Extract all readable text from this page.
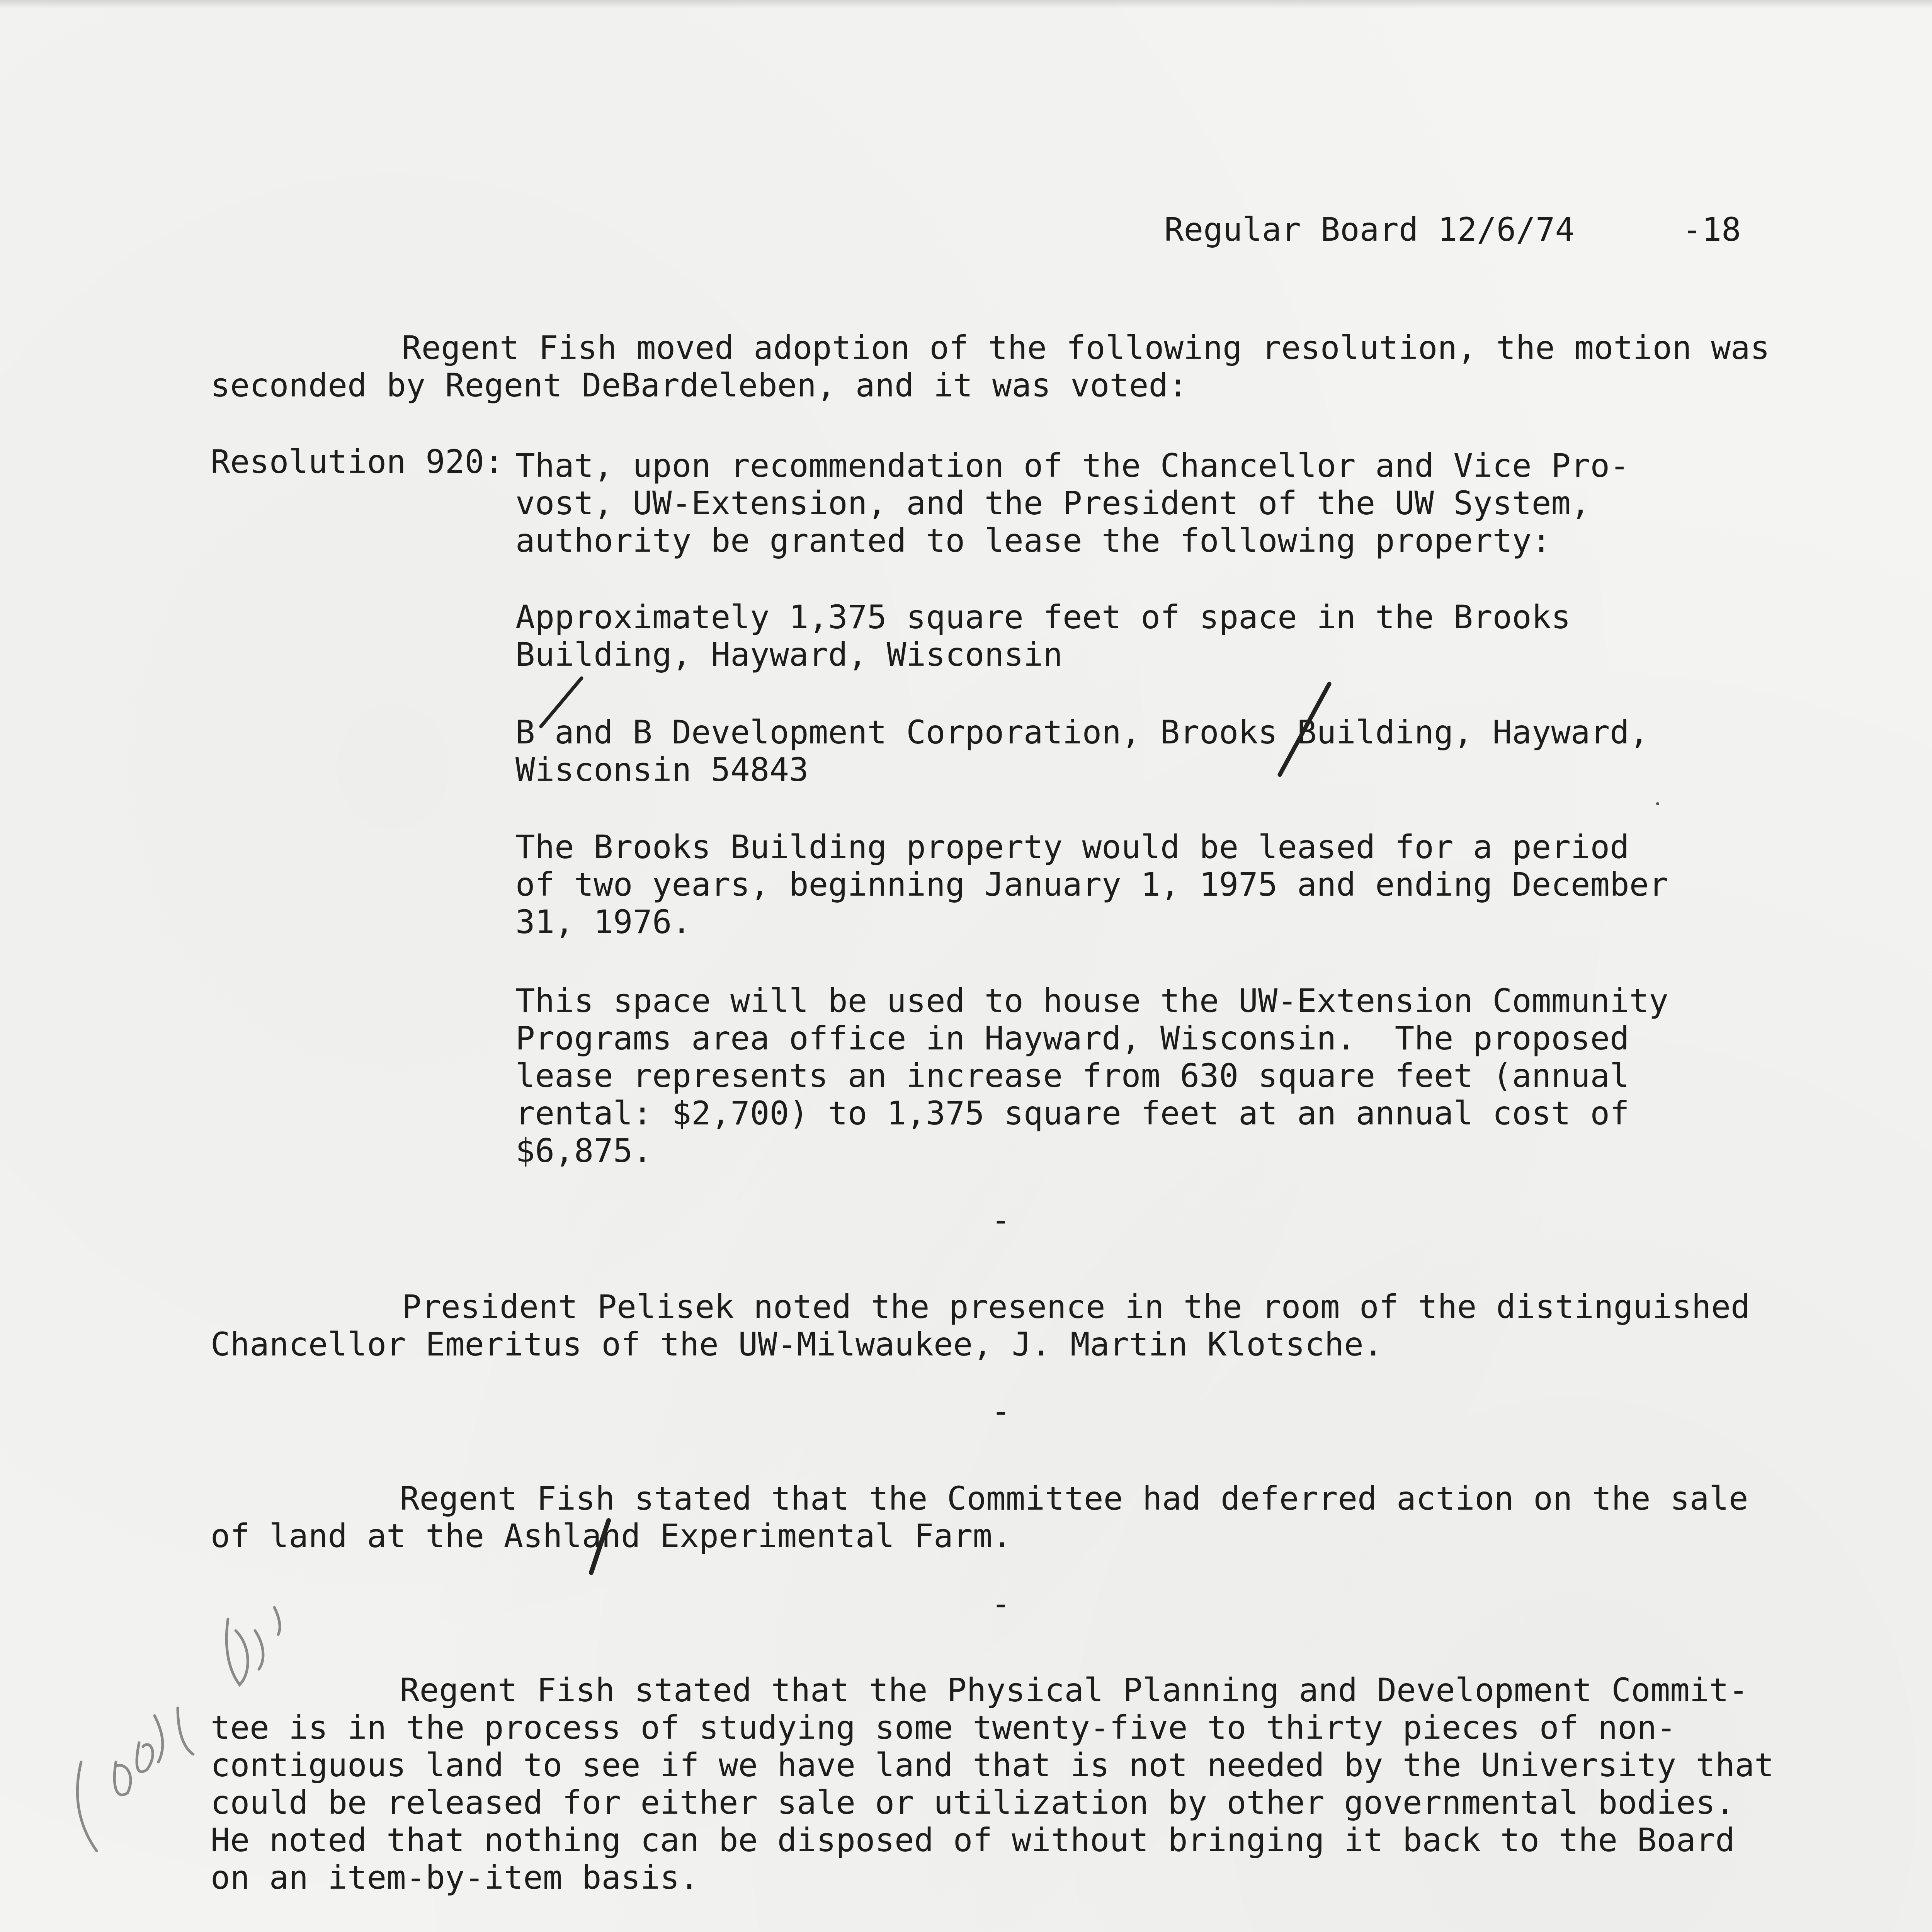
Regular Board 12/6/74	-18
Regent Fish moved adoption of the following resolution, the motion was
seconded by Regent DeBardeleben, and it was voted:
Resolution 920: That, upon recommendation of the Chancellor and Vice Pro-
vost, UW-Extension, and the President of the UW System,
authority be granted to lease the following property:
Approximately 1,375 square feet of space in the Brooks
Building, Hayward, Wisconsin
B and B Development Corporation, Brooks Building, Hayward,
Wisconsin 54843
The Brooks Building property would be leased for a period
of two years, beginning January 1, 1975 and ending December
31, 1976.
This space will be used to house the UW-Extension Community
Programs area office in Hayward, Wisconsin.  The proposed
lease represents an increase from 630 square feet (annual
rental: $2,700) to 1,375 square feet at an annual cost of
$6,875.
-
President Pelisek noted the presence in the room of the distinguished
Chancellor Emeritus of the UW-Milwaukee, J. Martin Klotsche.
-
Regent Fish stated that the Committee had deferred action on the sale
of land at the Ashland Experimental Farm.
-
Regent Fish stated that the Physical Planning and Development Commit-
tee is in the process of studying some twenty-five to thirty pieces of non-
contiguous land to see if we have land that is not needed by the University that
could be released for either sale or utilization by other governmental bodies.
He noted that nothing can be disposed of without bringing it back to the Board
on an item-by-item basis.
